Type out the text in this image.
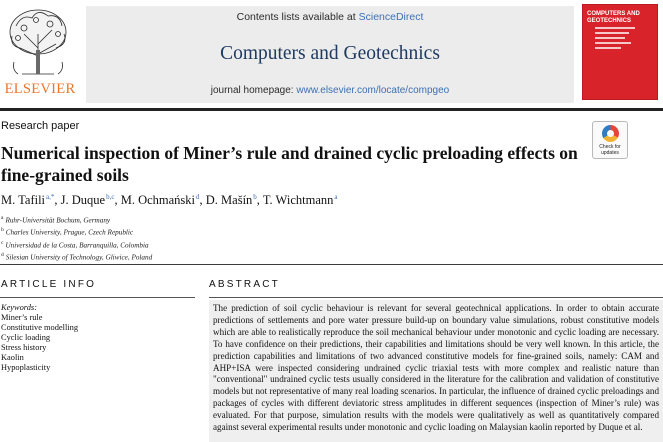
ELSEVIER
Contents lists available at ScienceDirect
Computers and Geotechnics
journal homepage: www.elsevier.com/locate/compgeo
COMPUTERS AND GEOTECHNICS
Research paper
Numerical inspection of Miner’s rule and drained cyclic preloading effects on fine-grained soils
Check for
updates
M. Tafili$^{a,*}$, J. Duque$^{b,c}$, M. Ochmański$^d$, D. Mašín$^b$, T. Wichtmann$^a$
$^a$ Ruhr-Universität Bochum, Germany
$^b$ Charles University, Prague, Czech Republic
$^c$ Universidad de la Costa, Barranquilla, Colombia
$^d$ Silesian University of Technology, Gliwice, Poland
ARTICLE INFO
Keywords:
Miner’s rule
Constitutive modelling
Cyclic loading
Stress history
Kaolin
Hypoplasticity
ABSTRACT

The prediction of soil cyclic behaviour is relevant for several geotechnical applications. In order to obtain accurate predictions of settlements and pore water pressure build-up on boundary value simulations, robust constitutive models which are able to realistically reproduce the soil mechanical behaviour under monotonic and cyclic loading are necessary. To have confidence on their predictions, their capabilities and limitations should be very well known. In this article, the prediction capabilities and limitations of two advanced constitutive models for fine-grained soils, namely: CAM and AHP+ISA were inspected considering undrained cyclic triaxial tests with more complex and realistic nature than "conventional" undrained cyclic tests usually considered in the literature for the calibration and validation of constitutive models but not representative of many real loading scenarios. In particular, the influence of drained cyclic preloadings and packages of cycles with different deviatoric stress amplitudes in different sequences (inspection of Miner’s rule) was evaluated. For that purpose, simulation results with the models were qualitatively as well as quantitatively compared against several experimental results under monotonic and cyclic loading on Malaysian kaolin reported by Duque et al.
